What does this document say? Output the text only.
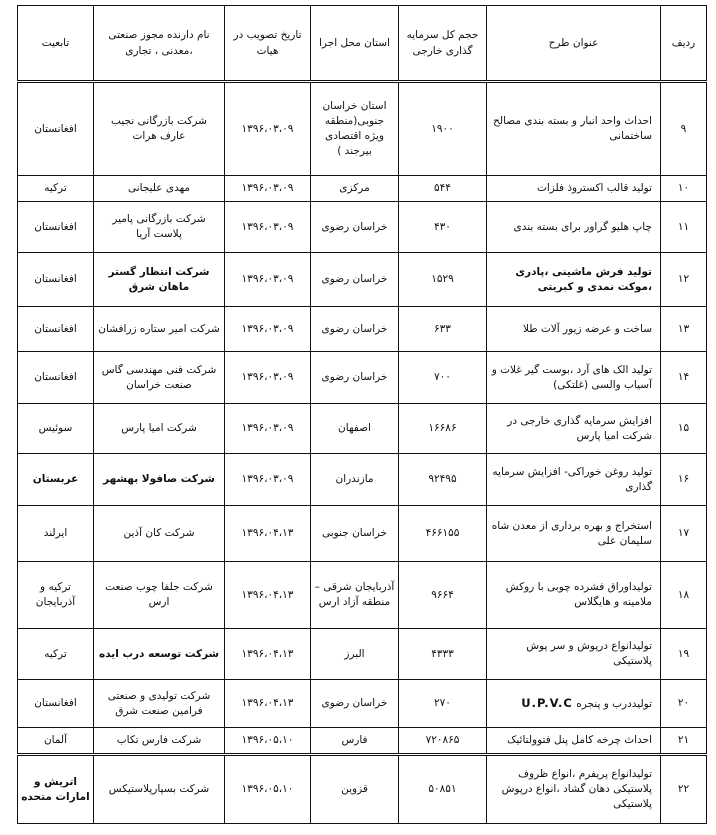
ردیف	عنوان طرح	حجم کل سرمایه گذاری خارجی	استان محل اجرا	تاریخ تصویب در هیات	نام دارنده مجوز صنعتی ،معدنی ، تجاری	تابعیت
۹	احداث واحد انبار و بسته بندی مصالح ساختمانی	۱۹۰۰	استان خراسان جنوبی(منطقه ویژه اقتصادی بیرجند )	۱۳۹۶،۰۳،۰۹	شرکت بازرگانی نجیب عارف هرات	افغانستان
۱۰	تولید قالب اکستروذ فلزات	۵۴۴	مرکزی	۱۳۹۶،۰۳،۰۹	مهدی علیجانی	ترکیه
۱۱	چاپ هلیو گراور برای بسته بندی	۴۳۰	خراسان رضوی	۱۳۹۶،۰۳،۰۹	شرکت بازرگانی پامیر پلاست آریا	افغانستان
۱۲	تولید فرش ماشینی ،پادری ،موکت نمدی و کبریتی	۱۵۲۹	خراسان رضوی	۱۳۹۶،۰۳،۰۹	شرکت انتظار گستر ماهان شرق	افغانستان
۱۳	ساخت و عرضه زیور آلات طلا	۶۳۳	خراسان رضوی	۱۳۹۶،۰۳،۰۹	شرکت امیر ستاره زرافشان	افغانستان
۱۴	تولید الک های آرد ،بوست گیر غلات و آسیاب والسی (غلتکی)	۷۰۰	خراسان رضوی	۱۳۹۶،۰۳،۰۹	شرکت فنی مهندسی گاس صنعت خراسان	افغانستان
۱۵	افزایش سرمایه گذاری خارجی در شرکت امیا پارس	۱۶۶۸۶	اصفهان	۱۳۹۶،۰۳،۰۹	شرکت امیا پارس	سوئیس
۱۶	تولید روغن خوراکی- افزایش سرمایه گذاری	۹۲۴۹۵	مازندران	۱۳۹۶،۰۳،۰۹	شرکت صافولا بهشهر	عربستان
۱۷	استخراج و بهره برداری از معدن شاه سلیمان علی	۴۶۶۱۵۵	خراسان جنوبی	۱۳۹۶،۰۴،۱۳	شرکت کان آذین	ایرلند
۱۸	تولیداوراق فشرده چوبی با روکش ملامینه و هایگلاس	۹۶۶۴	آذربایجان شرقی – منطقه آزاد ارس	۱۳۹۶،۰۴،۱۳	شرکت جلفا چوب صنعت ارس	ترکیه و آذربایجان
۱۹	تولیدانواع درپوش و سر پوش پلاستیکی	۴۳۳۳	البرز	۱۳۹۶،۰۴،۱۳	شرکت توسعه درب ایده	ترکیه
۲۰	تولیددرب و پنجره U.P.V.C	۲۷۰	خراسان رضوی	۱۳۹۶،۰۴،۱۳	شرکت تولیدی و صنعتی فرامین صنعت شرق	افغانستان
۲۱	احداث چرخه کامل پنل فتوولتائیک	۷۲۰۸۶۵	فارس	۱۳۹۶،۰۵،۱۰	شرکت فارس تکاب	آلمان
۲۲	تولیدانواع پریفرم ،انواع ظروف پلاستیکی دهان گشاد ،انواع درپوش پلاستیکی	۵۰۸۵۱	قزوین	۱۳۹۶،۰۵،۱۰	شرکت بسپارپلاستیکس	اتریش و امارات متحده
